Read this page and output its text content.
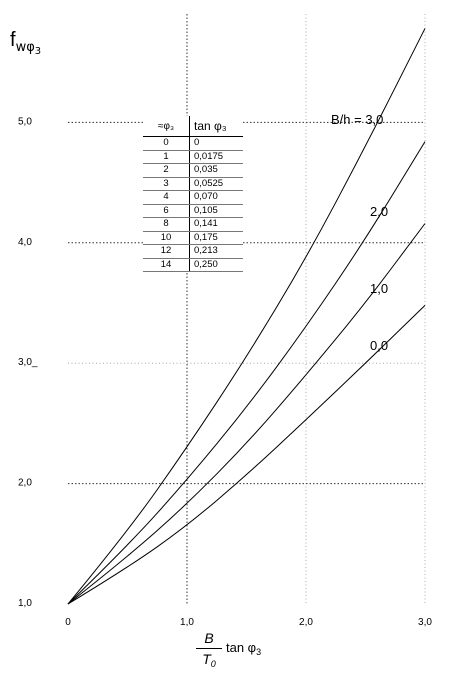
0	1,0	2,0	3,0
1,0
2,0
3,0_
4,0
5,0	B/h = 3,0
2,0
1,0
0,0
$f_{w\varphi}3$
≈φ₃	tan φ₃
0	0
1	0,0175
2	0,035
3	0,0525
4	0,070
6	0,105
8	0,141
10	0,175
12	0,213
14	0,250
B
$T_0$
$\tan \varphi_3$
